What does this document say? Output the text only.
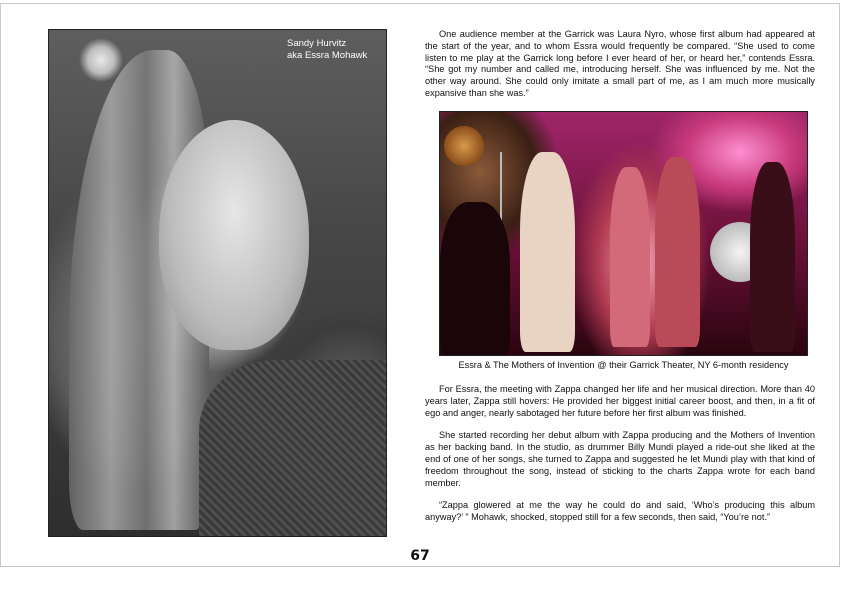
Sandy Hurvitz
aka Essra Mohawk

One audience member at the Garrick was Laura Nyro, whose first album had appeared at the start of the year, and to whom Essra would frequently be compared. “She used to come listen to me play at the Garrick long before I ever heard of her, or heard her,” contends Essra. “She got my number and called me, introducing herself. She was influenced by me. Not the other way around. She could only imitate a small part of me, as I am much more musically expansive than she was.”

Essra & The Mothers of Invention @ their Garrick Theater, NY 6-month residency

For Essra, the meeting with Zappa changed her life and her musical direction. More than 40 years later, Zappa still hovers: He provided her biggest initial career boost, and then, in a fit of ego and anger, nearly sabotaged her future before her first album was finished.

She started recording her debut album with Zappa producing and the Mothers of Invention as her backing band. In the studio, as drummer Billy Mundi played a ride-out she liked at the end of one of her songs, she turned to Zappa and suggested he let Mundi play with that kind of freedom throughout the song, instead of sticking to the charts Zappa wrote for each band member.

“Zappa glowered at me the way he could do and said, ‘Who’s producing this album anyway?’ ” Mohawk, shocked, stopped still for a few seconds, then said, “You’re not.”

67
